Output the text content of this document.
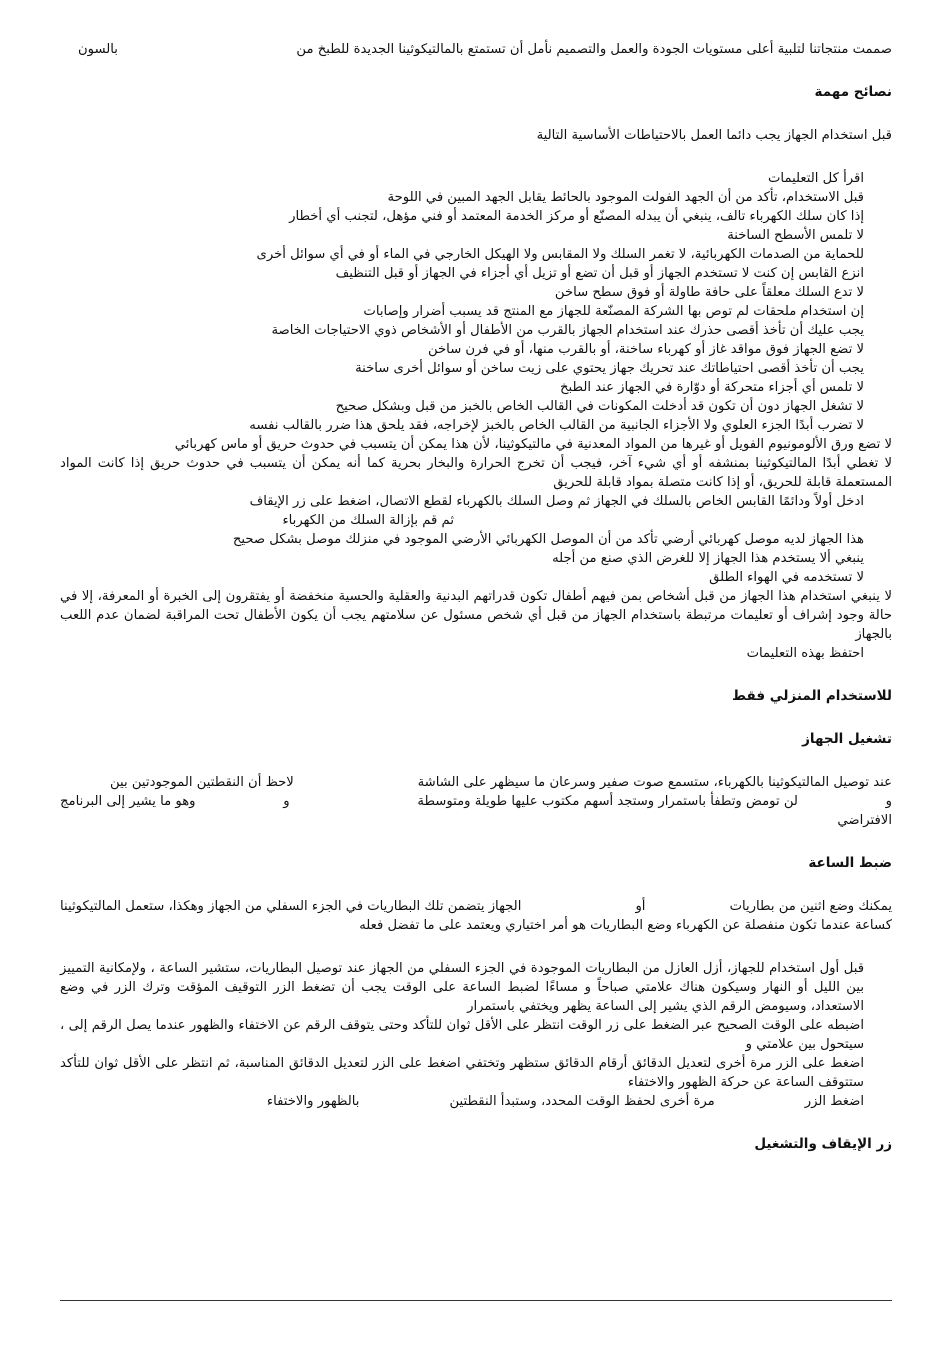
صممت منتجاتنا لتلبية أعلى مستويات الجودة والعمل والتصميم نأمل أن تستمتع بالمالتيكوثينا الجديدة للطبخ من
بالسون
نصائح مهمة
قبل استخدام الجهاز يجب دائما العمل بالاحتياطات الأساسية التالية
اقرأ كل التعليمات
قبل الاستخدام، تأكد من أن الجهد الفولت الموجود بالحائط يقابل الجهد المبين في اللوحة
إذا كان سلك الكهرباء تالف، ينبغي أن يبدله المصنّع أو مركز الخدمة المعتمد أو فني مؤهل، لتجنب أي أخطار
لا تلمس الأسطح الساخنة
للحماية من الصدمات الكهربائية، لا تغمر السلك ولا المقابس ولا الهيكل الخارجي في الماء أو في أي سوائل أخرى
انزع القابس إن كنت لا تستخدم الجهاز أو قبل أن تضع أو تزيل أي أجزاء في الجهاز أو قبل التنظيف
لا تدع السلك معلقاً على حافة طاولة أو فوق سطح ساخن
إن استخدام ملحقات لم توص بها الشركة المصنّعة للجهاز مع المنتج قد يسبب أضرار وإصابات
يجب عليك أن تأخذ أقصى حذرك عند استخدام الجهاز بالقرب من الأطفال أو الأشخاص ذوي الاحتياجات الخاصة
لا تضع الجهاز فوق مواقد غاز أو كهرباء ساخنة، أو بالقرب منها، أو في فرن ساخن
يجب أن تأخذ أقصى احتياطاتك عند تحريك جهاز يحتوي على زيت ساخن أو سوائل أخرى ساخنة
لا تلمس أي أجزاء متحركة أو دوّارة في الجهاز عند الطبخ
لا تشغل الجهاز دون أن تكون قد أدخلت المكونات في القالب الخاص بالخبز من قبل وبشكل صحيح
لا تضرب أبدًا الجزء العلوي ولا الأجزاء الجانبية من القالب الخاص بالخبز لإخراجه، فقد يلحق هذا ضرر بالقالب نفسه
لا تضع ورق الألومونيوم الفويل أو غيرها من المواد المعدنية في مالتيكوثينا، لأن هذا يمكن أن يتسبب في حدوث حريق أو ماس كهربائي
لا تغطي أبدًا المالتيكوثينا بمنشفه أو أي شيء آخر، فيجب أن تخرج الحرارة والبخار بحرية كما أنه يمكن أن يتسبب في حدوث حريق إذا كانت المواد المستعملة قابلة للحريق، أو إذا كانت متصلة بمواد قابلة للحريق
ادخل أولاً ودائمًا القابس الخاص بالسلك في الجهاز ثم وصل السلك بالكهرباء لقطع الاتصال، اضغط على زر الإيقاف
ثم قم بإزالة السلك من الكهرباء
هذا الجهاز لديه موصل كهربائي أرضي تأكد من أن الموصل الكهربائي الأرضي الموجود في منزلك موصل بشكل صحيح
ينبغي ألا يستخدم هذا الجهاز إلا للغرض الذي صنع من أجله
لا تستخدمه في الهواء الطلق
لا ينبغي استخدام هذا الجهاز من قبل أشخاص بمن فيهم أطفال تكون قدراتهم البدنية والعقلية والحسية منخفضة أو يفتقرون إلى الخبرة أو المعرفة، إلا في حالة وجود إشراف أو تعليمات مرتبطة باستخدام الجهاز من قبل أي شخص مسئول عن سلامتهم يجب أن يكون الأطفال تحت المراقبة لضمان عدم اللعب بالجهاز
احتفظ بهذه التعليمات
للاستخدام المنزلي فقط
تشغيل الجهاز
عند توصيل المالتيكوثينا بالكهرباء، ستسمع صوت صفير وسرعان ما سيظهر على الشاشة
لاحظ أن النقطتين الموجودتين بين
و
لن تومض وتطفأ باستمرار وستجد أسهم مكتوب عليها طويلة ومتوسطة
و
وهو ما يشير إلى البرنامج
الافتراضي
ضبط الساعة
يمكنك وضع اثنين من بطاريات
أو
الجهاز يتضمن تلك البطاريات في الجزء السفلي من الجهاز وهكذا، ستعمل المالتيكوثينا
كساعة عندما تكون منفصلة عن الكهرباء وضع البطاريات هو أمر اختياري ويعتمد على ما تفضل فعله
قبل أول استخدام للجهاز، أزل العازل من البطاريات الموجودة في الجزء السفلي من الجهاز عند توصيل البطاريات، ستشير الساعة ، ولإمكانية التمييز بين الليل أو النهار وسيكون هناك علامتي صباحاً و مساءًا لضبط الساعة على الوقت يجب أن تضغط الزر التوقيف المؤقت وترك الزر في وضع الاستعداد، وسيومض الرقم الذي يشير إلى الساعة يظهر ويختفي باستمرار
اضبطه على الوقت الصحيح عبر الضغط على زر الوقت انتظر على الأقل ثوان للتأكد وحتى يتوقف الرقم عن الاختفاء والظهور عندما يصل الرقم إلى ، سيتحول بين علامتي و
اضغط على الزر مرة أخرى لتعديل الدقائق أرقام الدقائق ستظهر وتختفي اضغط على الزر لتعديل الدقائق المناسبة، ثم انتظر على الأقل ثوان للتأكد ستتوقف الساعة عن حركة الظهور والاختفاء
اضغط الزر
مرة أخرى لحفظ الوقت المحدد، وستبدأ النقطتين
بالظهور والاختفاء
زر الإيقاف والتشغيل
